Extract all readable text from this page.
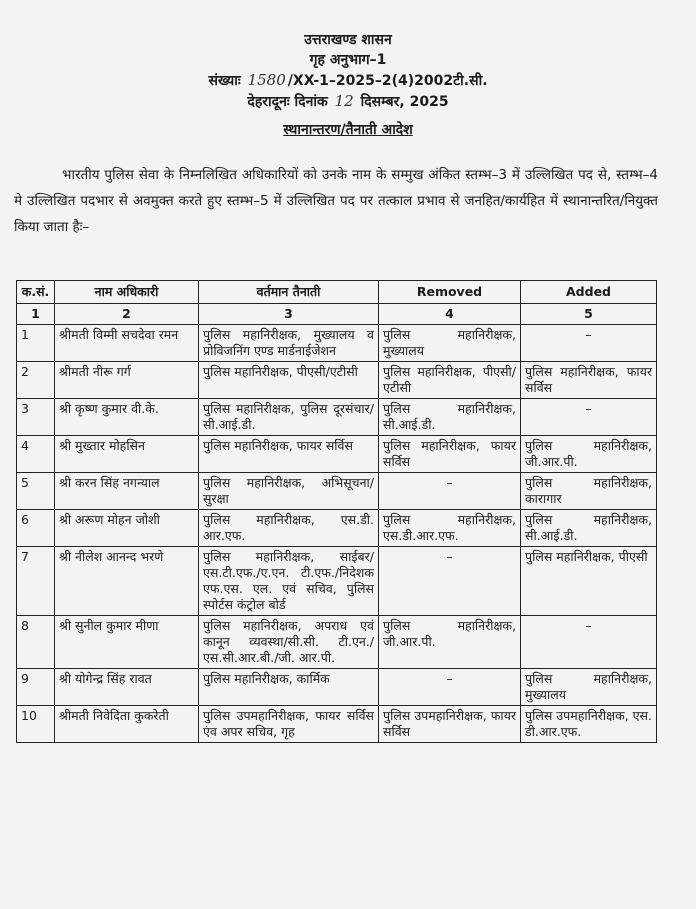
उत्तराखण्ड शासन
गृह अनुभाग–1
संख्याः 1580 /XX-1–2025–2(4)2002टी.सी.
देहरादूनः दिनांक 12 दिसम्बर, 2025
स्थानान्तरण/तैनाती आदेश
भारतीय पुलिस सेवा के निम्नलिखित अधिकारियों को उनके नाम के सम्मुख अंकित स्तम्भ–3 में उल्लिखित पद से, स्तम्भ–4 मे उल्लिखित पदभार से अवमुक्त करते हुए स्तम्भ–5 में उल्लिखित पद पर तत्काल प्रभाव से जनहित/कार्यहित में स्थानान्तरित/नियुक्त किया जाता हैः–
क.सं.	नाम अधिकारी	वर्तमान तैनाती	Removed	Added
1	2	3	4	5
1	श्रीमती विम्मी सचदेवा रमन	पुलिस महानिरीक्षक, मुख्यालय व प्रोविजनिंग एण्ड मार्डनाईजेशन	पुलिस महानिरीक्षक, मुख्यालय	–
2	श्रीमती नीरू गर्ग	पुलिस महानिरीक्षक, पीएसी/एटीसी	पुलिस महानिरीक्षक, पीएसी/एटीसी	पुलिस महानिरीक्षक, फायर सर्विस
3	श्री कृष्ण कुमार वी.के.	पुलिस महानिरीक्षक, पुलिस दूरसंचार/सी.आई.डी.	पुलिस महानिरीक्षक, सी.आई.डी.	–
4	श्री मुख्तार मोहसिन	पुलिस महानिरीक्षक, फायर सर्विस	पुलिस महानिरीक्षक, फायर सर्विस	पुलिस महानिरीक्षक, जी.आर.पी.
5	श्री करन सिंह नगन्याल	पुलिस महानिरीक्षक, अभिसूचना/सुरक्षा	–	पुलिस महानिरीक्षक, कारागार
6	श्री अरूण मोहन जोशी	पुलिस महानिरीक्षक, एस.डी. आर.एफ.	पुलिस महानिरीक्षक, एस.डी.आर.एफ.	पुलिस महानिरीक्षक, सी.आई.डी.
7	श्री नीलेश आनन्द भरणे	पुलिस महानिरीक्षक, साईबर/एस.टी.एफ./ए.एन. टी.एफ./निदेशक एफ.एस. एल. एवं सचिव, पुलिस स्पोर्टस कंट्रोल बोर्ड	–	पुलिस महानिरीक्षक, पीएसी
8	श्री सुनील कुमार मीणा	पुलिस महानिरीक्षक, अपराध एवं कानून व्यवस्था/सी.सी. टी.एन./एस.सी.आर.बी./जी. आर.पी.	पुलिस महानिरीक्षक, जी.आर.पी.	–
9	श्री योगेन्द्र सिंह रावत	पुलिस महानिरीक्षक, कार्मिक	–	पुलिस महानिरीक्षक, मुख्यालय
10	श्रीमती निवेदिता कुकरेती	पुलिस उपमहानिरीक्षक, फायर सर्विस एंव अपर सचिव, गृह	पुलिस उपमहानिरीक्षक, फायर सर्विस	पुलिस उपमहानिरीक्षक, एस. डी.आर.एफ.
